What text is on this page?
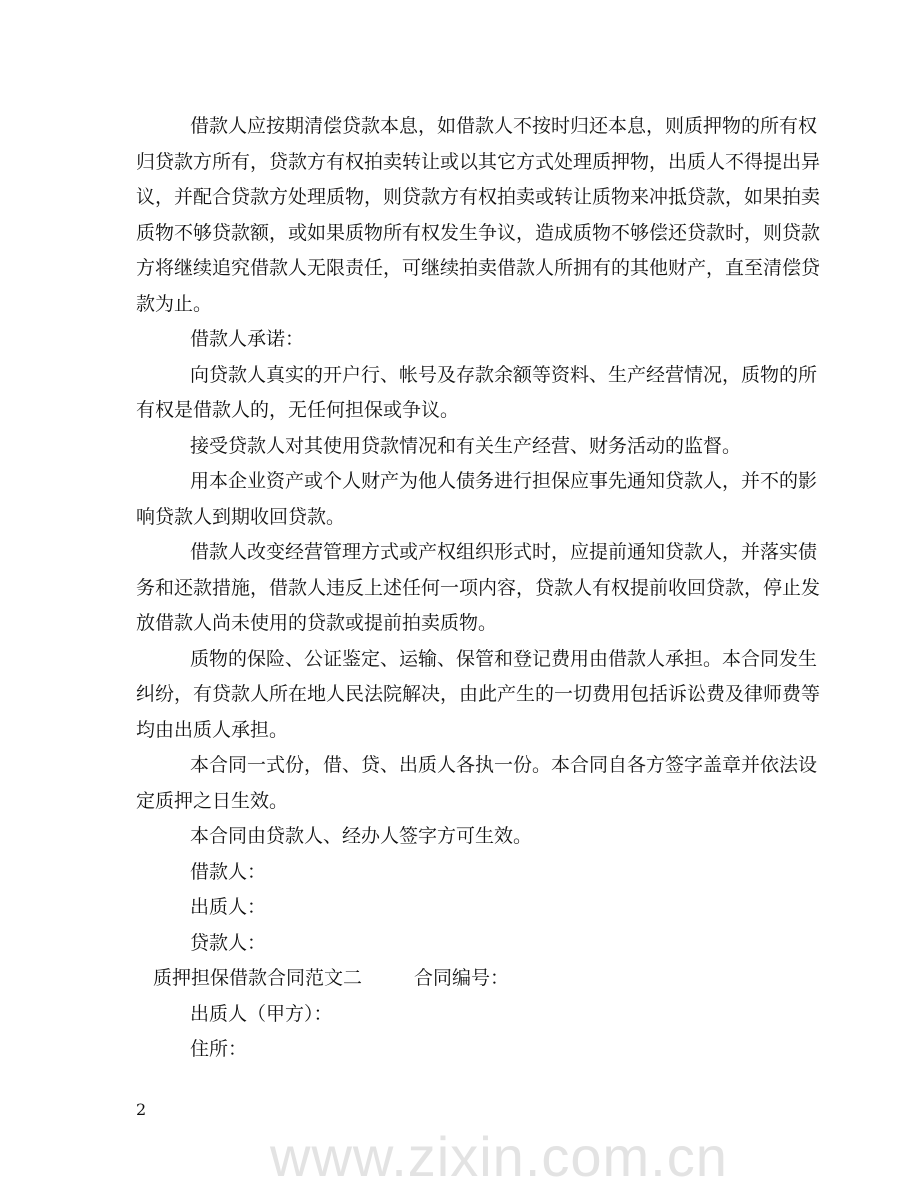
www.zixin.com.cn
借款人应按期清偿贷款本息，如借款人不按时归还本息，则质押物的所有权
归贷款方所有，贷款方有权拍卖转让或以其它方式处理质押物，出质人不得提出异
议，并配合贷款方处理质物，则贷款方有权拍卖或转让质物来冲抵贷款，如果拍卖
质物不够贷款额，或如果质物所有权发生争议，造成质物不够偿还贷款时，则贷款
方将继续追究借款人无限责任，可继续拍卖借款人所拥有的其他财产，直至清偿贷
款为止。
借款人承诺：
向贷款人真实的开户行、帐号及存款余额等资料、生产经营情况，质物的所
有权是借款人的，无任何担保或争议。
接受贷款人对其使用贷款情况和有关生产经营、财务活动的监督。
用本企业资产或个人财产为他人债务进行担保应事先通知贷款人，并不的影
响贷款人到期收回贷款。
借款人改变经营管理方式或产权组织形式时，应提前通知贷款人，并落实债
务和还款措施，借款人违反上述任何一项内容，贷款人有权提前收回贷款，停止发
放借款人尚未使用的贷款或提前拍卖质物。
质物的保险、公证鉴定、运输、保管和登记费用由借款人承担。本合同发生
纠纷，有贷款人所在地人民法院解决，由此产生的一切费用包括诉讼费及律师费等
均由出质人承担。
本合同一式份，借、贷、出质人各执一份。本合同自各方签字盖章并依法设
定质押之日生效。
本合同由贷款人、经办人签字方可生效。
借款人：
出质人：
贷款人：
质押担保借款合同范文二	合同编号：
出质人（甲方）：
住所：
2
